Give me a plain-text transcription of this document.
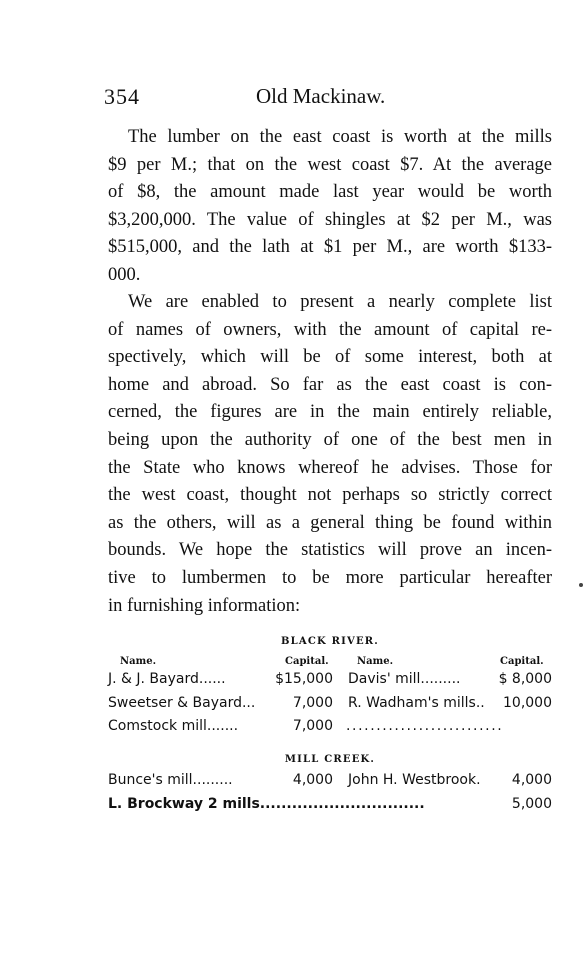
354	Old Mackinaw.
The lumber on the east coast is worth at the mills
$9 per M.; that on the west coast $7. At the average
of $8, the amount made last year would be worth
$3,200,000. The value of shingles at $2 per M., was
$515,000, and the lath at $1 per M., are worth $133-
000.
We are enabled to present a nearly complete list
of names of owners, with the amount of capital re-
spectively, which will be of some interest, both at
home and abroad. So far as the east coast is con-
cerned, the figures are in the main entirely reliable,
being upon the authority of one of the best men in
the State who knows whereof he advises. Those for
the west coast, thought not perhaps so strictly correct
as the others, will as a general thing be found within
bounds. We hope the statistics will prove an incen-
tive to lumbermen to be more particular hereafter
in furnishing information:
BLACK RIVER.
Name.	Capital.	Name.	Capital.
J. & J. Bayard......	$15,000 Davis' mill.........	$ 8,000
Sweetser & Bayard...	7,000 R. Wadham's mills..	10,000
Comstock mill.......	7,000 ..........................
MILL CREEK.
Bunce's mill.........	4,000 John H. Westbrook.	4,000
L. Brockway 2 mills...............................	5,000
